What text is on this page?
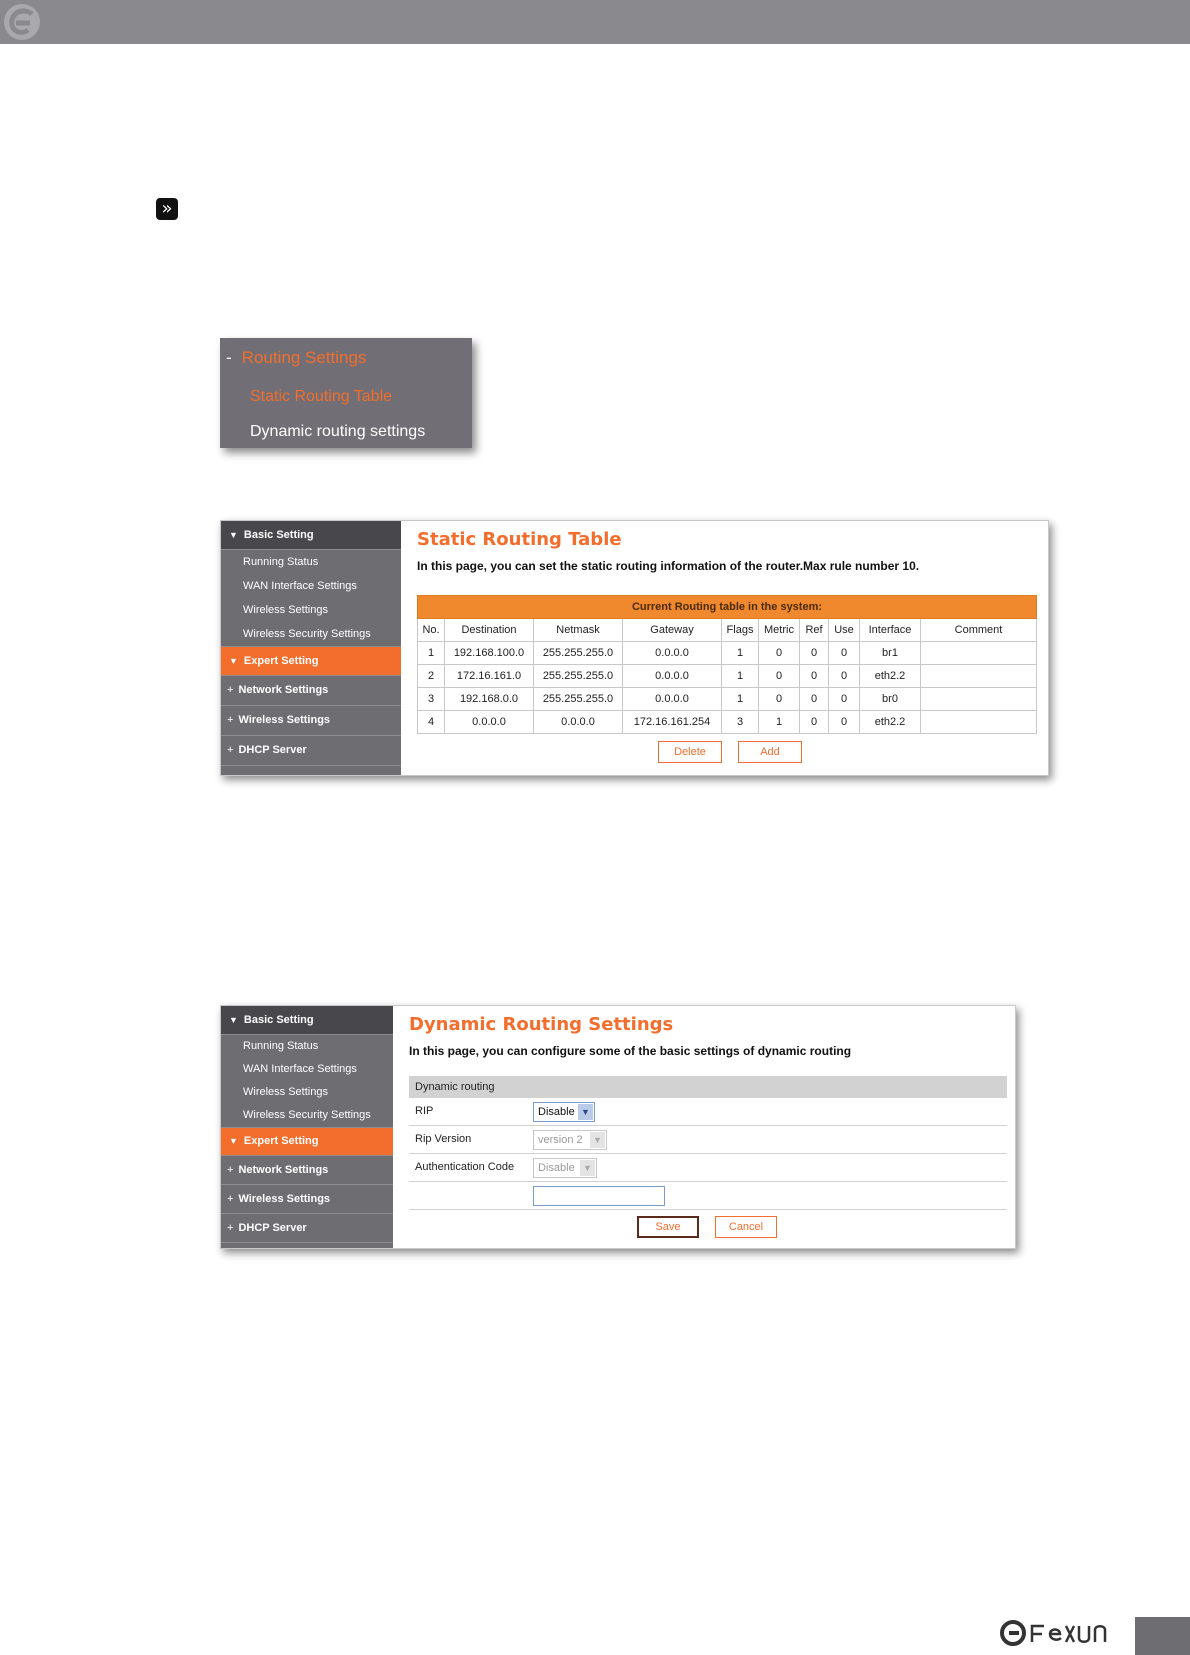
»
- Routing Settings
Static Routing Table
Dynamic routing settings
▼ Basic Setting
Running Status
WAN Interface Settings
Wireless Settings
Wireless Security Settings
▼ Expert Setting
+ Network Settings
+ Wireless Settings
+ DHCP Server
Static Routing Table
In this page, you can set the static routing information of the router.Max rule number 10.
Current Routing table in the system:									
No.	Destination	Netmask	Gateway	Flags	Metric	Ref	Use	Interface	Comment
1	192.168.100.0	255.255.255.0	0.0.0.0	1	0	0	0	br1	
2	172.16.161.0	255.255.255.0	0.0.0.0	1	0	0	0	eth2.2	
3	192.168.0.0	255.255.255.0	0.0.0.0	1	0	0	0	br0	
4	0.0.0.0	0.0.0.0	172.16.161.254	3	1	0	0	eth2.2	
Delete	Add
▼ Basic Setting
Running Status
WAN Interface Settings
Wireless Settings
Wireless Security Settings
▼ Expert Setting
+ Network Settings
+ Wireless Settings
+ DHCP Server
Dynamic Routing Settings
In this page, you can configure some of the basic settings of dynamic routing
Dynamic routing
RIP	Disable ▼
Rip Version	version 2	▼
Authentication Code	Disable ▼
Save	Cancel
